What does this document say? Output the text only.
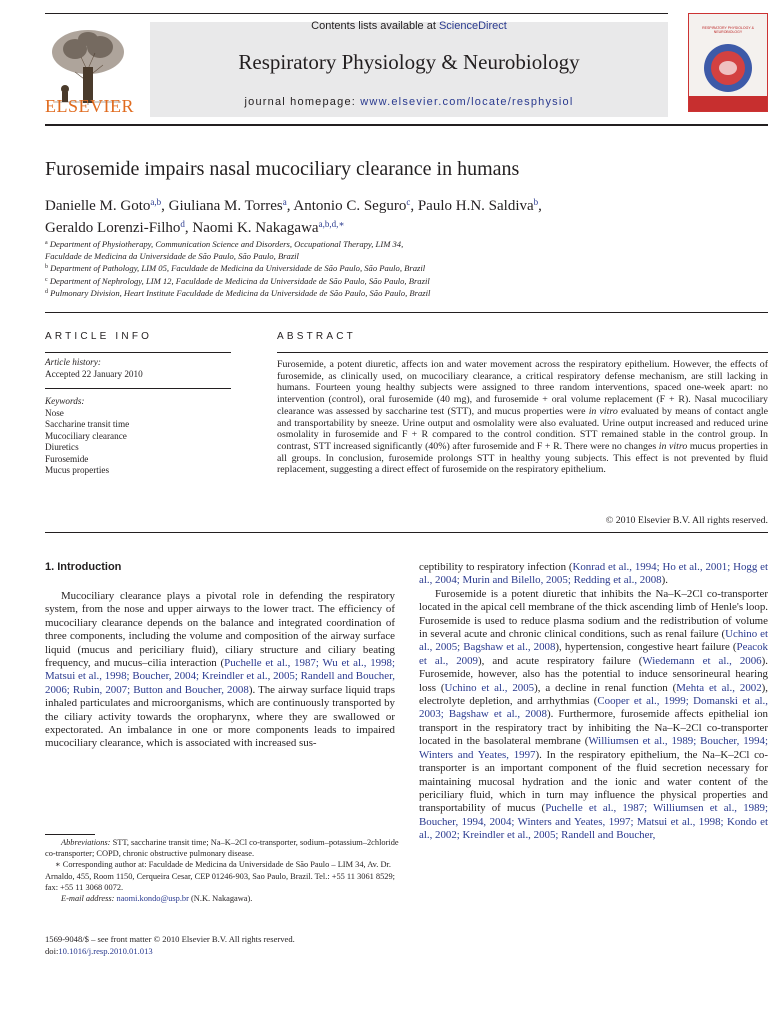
ELSEVIER
Contents lists available at ScienceDirect
Respiratory Physiology & Neurobiology
journal homepage: www.elsevier.com/locate/resphysiol
RESPIRATORY PHYSIOLOGY & NEUROBIOLOGY
Furosemide impairs nasal mucociliary clearance in humans
Danielle M. Goto$^{a,b}$, Giuliana M. Torres$^a$, Antonio C. Seguro$^c$, Paulo H.N. Saldiva$^b$,
Geraldo Lorenzi-Filho$^d$, Naomi K. Nakagawa$^{a,b,d,∗}$
$^a$ Department of Physiotherapy, Communication Science and Disorders, Occupational Therapy, LIM 34,
Faculdade de Medicina da Universidade de São Paulo, São Paulo, Brazil
$^b$ Department of Pathology, LIM 05, Faculdade de Medicina da Universidade de São Paulo, São Paulo, Brazil
$^c$ Department of Nephrology, LIM 12, Faculdade de Medicina da Universidade de São Paulo, São Paulo, Brazil
$^d$ Pulmonary Division, Heart Institute Faculdade de Medicina da Universidade de São Paulo, São Paulo, Brazil
ARTICLE INFO
Article history:
Accepted 22 January 2010
Keywords:
Nose
Saccharine transit time
Mucociliary clearance
Diuretics
Furosemide
Mucus properties
ABSTRACT
Furosemide, a potent diuretic, affects ion and water movement across the respiratory epithelium. However, the effects of furosemide, as clinically used, on mucociliary clearance, a critical respiratory defense mechanism, are still lacking in humans. Fourteen young healthy subjects were assigned to three random interventions, spaced one-week apart: no intervention (control), oral furosemide (40 mg), and furosemide + oral volume replacement (F + R). Nasal mucociliary clearance was assessed by saccharine test (STT), and mucus properties were in vitro evaluated by means of contact angle and transportability by sneeze. Urine output and osmolality were also evaluated. Urine output increased and reduced urine osmolality in furosemide and F + R compared to the control condition. STT remained stable in the control group. In contrast, STT increased significantly (40%) after furosemide and F + R. There were no changes in vitro mucus properties in all groups. In conclusion, furosemide prolongs STT in healthy young subjects. This effect is not prevented by fluid replacement, suggesting a direct effect of furosemide on the respiratory epithelium.
© 2010 Elsevier B.V. All rights reserved.
1. Introduction
Mucociliary clearance plays a pivotal role in defending the respiratory system, from the nose and upper airways to the lower tract. The efficiency of mucociliary clearance depends on the balance and integrated coordination of three components, including the volume and composition of the airway surface liquid (mucus and periciliary fluid), ciliary structure and ciliary beating frequency, and mucus–cilia interaction (Puchelle et al., 1987; Wu et al., 1998; Matsui et al., 1998; Boucher, 2004; Kreindler et al., 2005; Randell and Boucher, 2006; Rubin, 2007; Button and Boucher, 2008). The airway surface liquid traps inhaled particulates and microorganisms, which are continuously transported by the ciliary activity towards the oropharynx, where they are swallowed or expectorated. An imbalance in one or more components leads to impaired mucociliary clearance, which is associated with increased sus-
ceptibility to respiratory infection (Konrad et al., 1994; Ho et al., 2001; Hogg et al., 2004; Murin and Bilello, 2005; Redding et al., 2008).
Furosemide is a potent diuretic that inhibits the Na–K–2Cl co-transporter located in the apical cell membrane of the thick ascending limb of Henle's loop. Furosemide is used to reduce plasma sodium and the redistribution of volume in several acute and chronic clinical conditions, such as renal failure (Uchino et al., 2005; Bagshaw et al., 2008), hypertension, congestive heart failure (Peacok et al., 2009), and acute respiratory failure (Wiedemann et al., 2006). Furosemide, however, also has the potential to induce sensorineural hearing loss (Uchino et al., 2005), a decline in renal function (Mehta et al., 2002), electrolyte depletion, and arrhythmias (Cooper et al., 1999; Domanski et al., 2003; Bagshaw et al., 2008). Furthermore, furosemide affects epithelial ion transport in the respiratory tract by inhibiting the Na–K–2Cl co-transporter located in the basolateral membrane (Williumsen et al., 1989; Boucher, 1994; Winters and Yeates, 1997). In the respiratory epithelium, the Na–K–2Cl co-transporter is an important component of the fluid secretion necessary for maintaining mucosal hydration and the ionic and water content of the periciliary fluid, which in turn may influence the physical properties and transportability of mucus (Puchelle et al., 1987; Williumsen et al., 1989; Boucher, 1994, 2004; Winters and Yeates, 1997; Matsui et al., 1998; Kondo et al., 2002; Kreindler et al., 2005; Randell and Boucher,
Abbreviations: STT, saccharine transit time; Na–K–2Cl co-transporter, sodium–potassium–2chloride co-transporter; COPD, chronic obstructive pulmonary disease.
∗ Corresponding author at: Faculdade de Medicina da Universidade de São Paulo – LIM 34, Av. Dr. Arnaldo, 455, Room 1150, Cerqueira Cesar, CEP 01246-903, Sao Paulo, Brazil. Tel.: +55 11 3061 8529; fax: +55 11 3068 0072.
E-mail address: naomi.kondo@usp.br (N.K. Nakagawa).
1569-9048/$ – see front matter © 2010 Elsevier B.V. All rights reserved.
doi:10.1016/j.resp.2010.01.013
